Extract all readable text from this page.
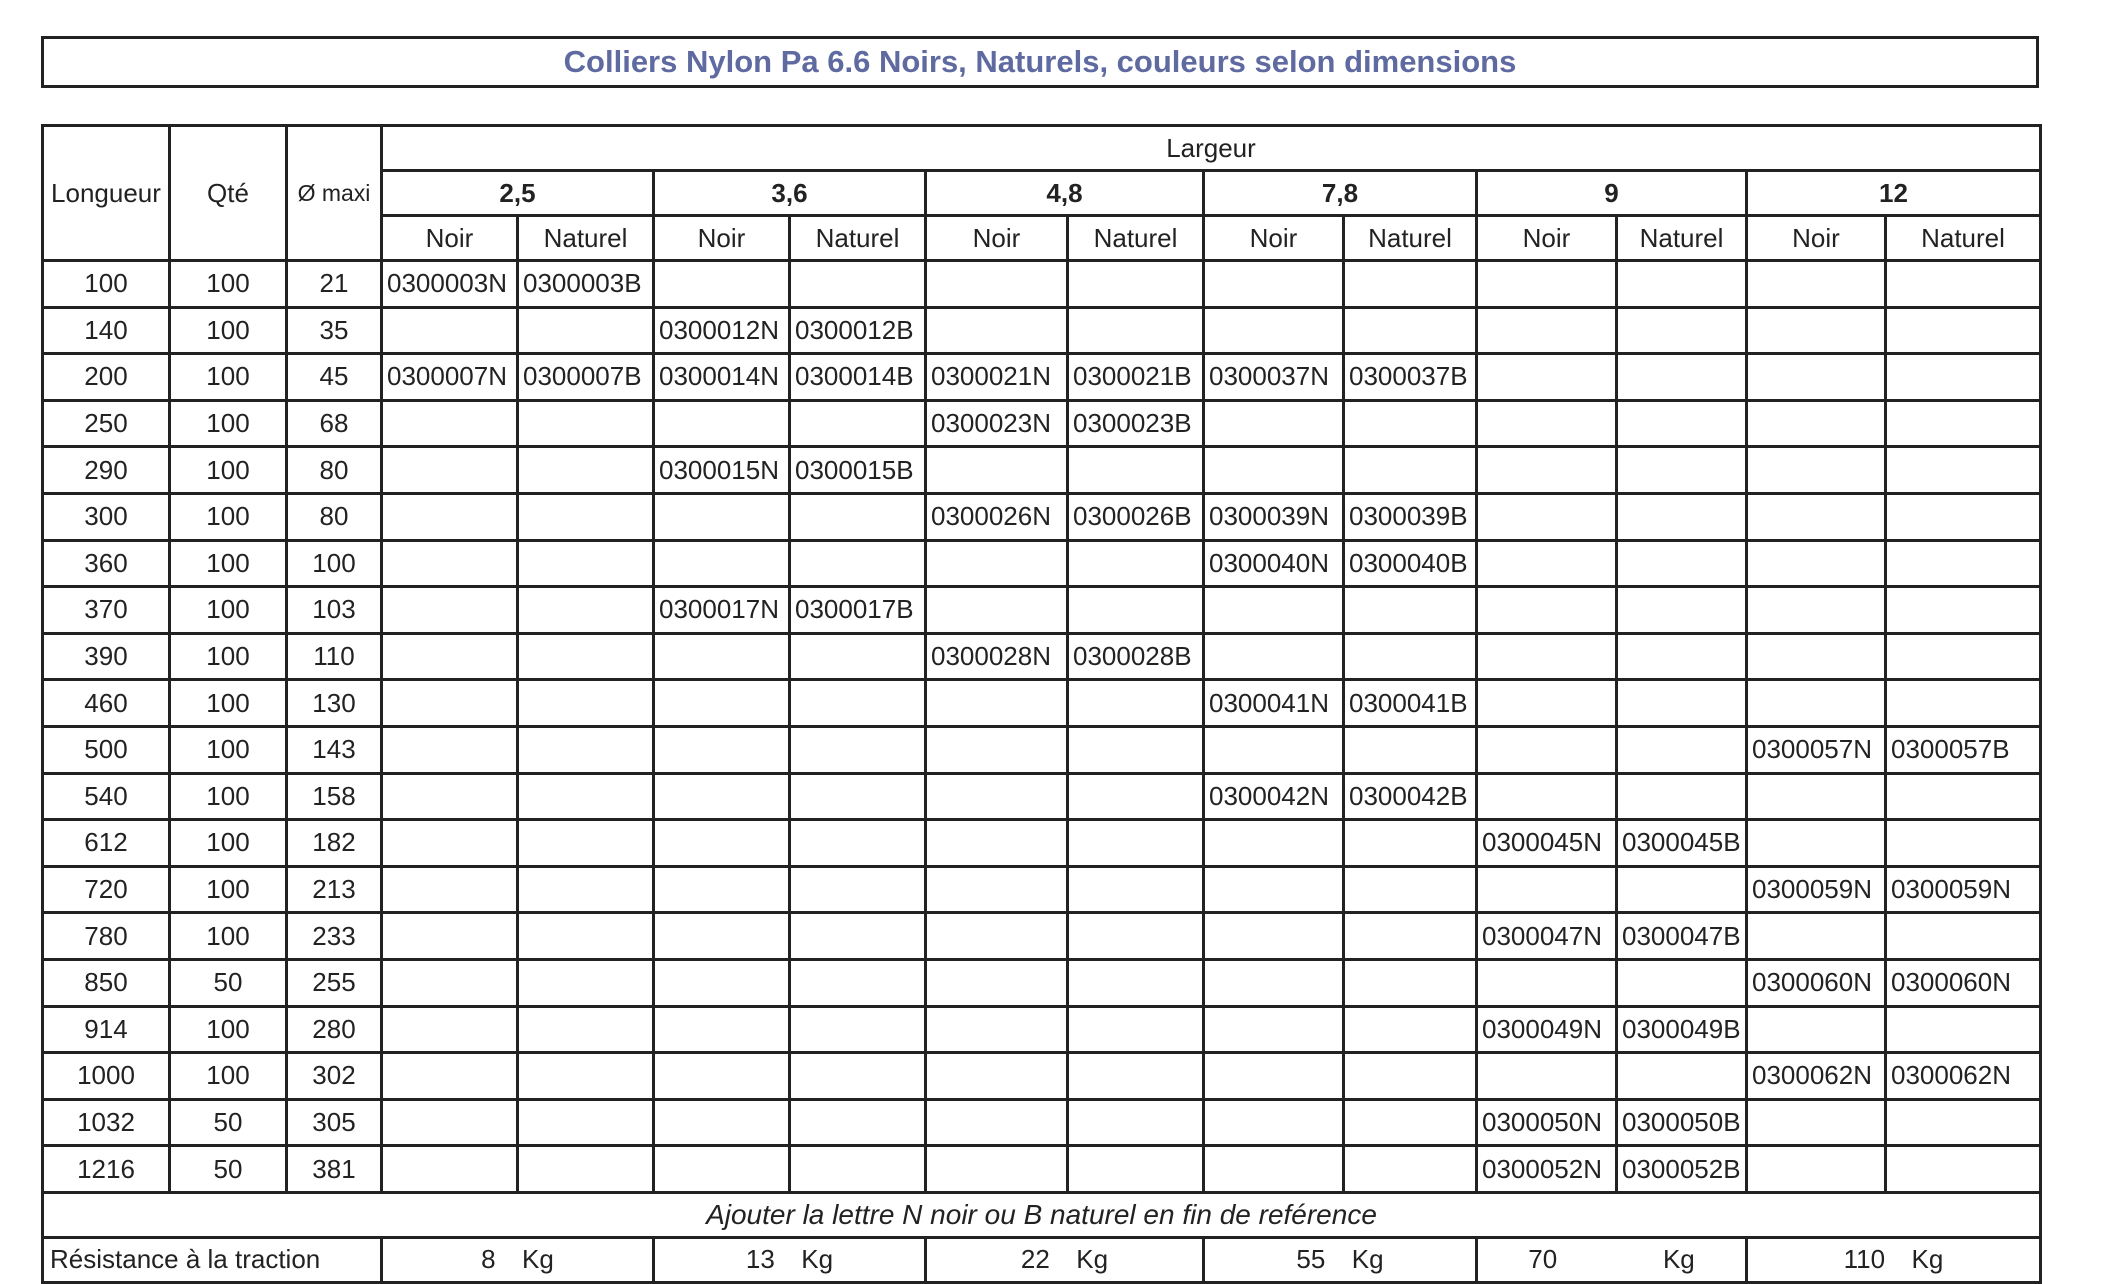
Colliers Nylon Pa 6.6 Noirs, Naturels, couleurs selon dimensions
Longueur	Qté	Ø maxi	Largeur											
			2,5		3,6		4,8		7,8		9		12	
			Noir	Naturel	Noir	Naturel	Noir	Naturel	Noir	Naturel	Noir	Naturel	Noir	Naturel
100	100	21	0300003N	0300003B										
140	100	35			0300012N	0300012B								
200	100	45	0300007N	0300007B	0300014N	0300014B	0300021N	0300021B	0300037N	0300037B				
250	100	68					0300023N	0300023B						
290	100	80			0300015N	0300015B								
300	100	80					0300026N	0300026B	0300039N	0300039B				
360	100	100							0300040N	0300040B				
370	100	103			0300017N	0300017B								
390	100	110					0300028N	0300028B						
460	100	130							0300041N	0300041B				
500	100	143											0300057N	0300057B
540	100	158							0300042N	0300042B				
612	100	182									0300045N	0300045B		
720	100	213											0300059N	0300059N
780	100	233									0300047N	0300047B		
850	50	255											0300060N	0300060N
914	100	280									0300049N	0300049B		
1000	100	302											0300062N	0300062N
1032	50	305									0300050N	0300050B		
1216	50	381									0300052N	0300052B		
Ajouter la lettre N noir ou B naturel en fin de reférence														
Résistance à la traction			8  Kg		13  Kg		22  Kg		55  Kg		70        Kg		110  Kg	
